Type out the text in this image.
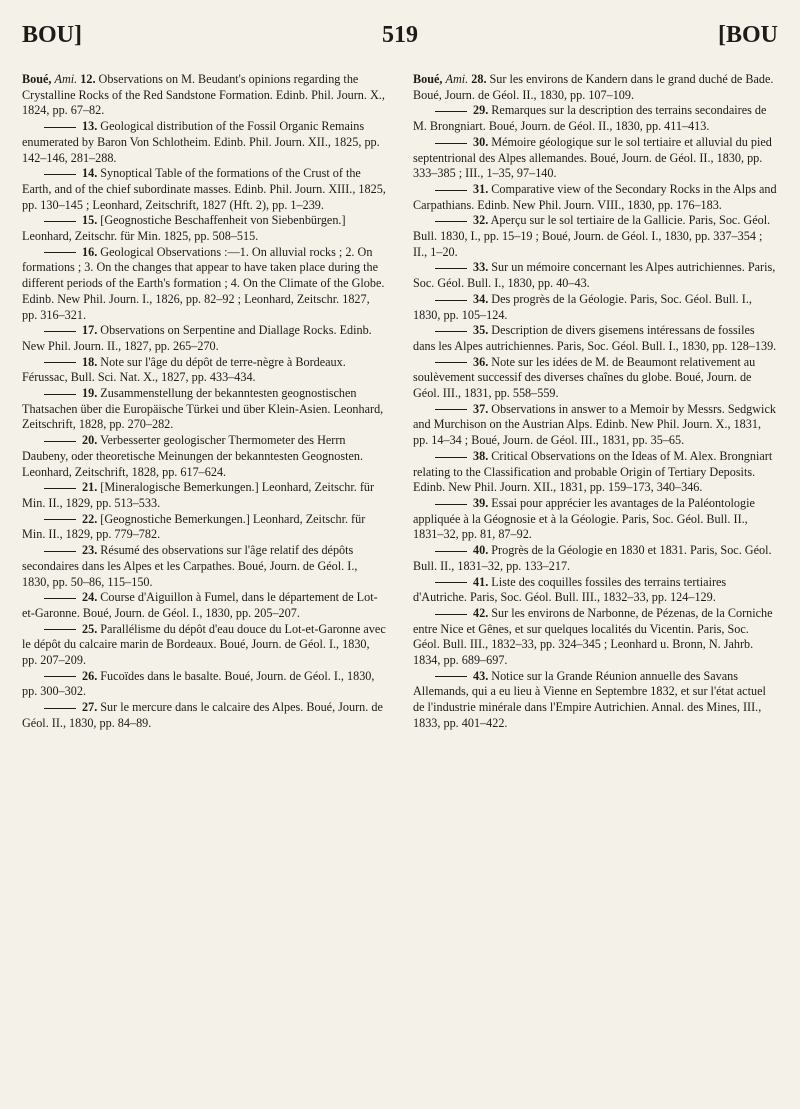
BOU]	519	[BOU

Boué, Ami. 12. Observations on M. Beudant's opinions regarding the Crystalline Rocks of the Red Sandstone Formation. Edinb. Phil. Journ. X., 1824, pp. 67–82.

13. Geological distribution of the Fossil Organic Remains enumerated by Baron Von Schlotheim. Edinb. Phil. Journ. XII., 1825, pp. 142–146, 281–288.

14. Synoptical Table of the formations of the Crust of the Earth, and of the chief subordinate masses. Edinb. Phil. Journ. XIII., 1825, pp. 130–145 ; Leonhard, Zeitschrift, 1827 (Hft. 2), pp. 1–239.

15. [Geognostiche Beschaffenheit von Siebenbürgen.] Leonhard, Zeitschr. für Min. 1825, pp. 508–515.

16. Geological Observations :—1. On alluvial rocks ; 2. On formations ; 3. On the changes that appear to have taken place during the different periods of the Earth's formation ; 4. On the Climate of the Globe. Edinb. New Phil. Journ. I., 1826, pp. 82–92 ; Leonhard, Zeitschr. 1827, pp. 316–321.

17. Observations on Serpentine and Diallage Rocks. Edinb. New Phil. Journ. II., 1827, pp. 265–270.

18. Note sur l'âge du dépôt de terre-nègre à Bordeaux. Férussac, Bull. Sci. Nat. X., 1827, pp. 433–434.

19. Zusammenstellung der bekanntesten geognostischen Thatsachen über die Europäische Türkei und über Klein-Asien. Leonhard, Zeitschrift, 1828, pp. 270–282.

20. Verbesserter geologischer Thermometer des Herrn Daubeny, oder theoretische Meinungen der bekanntesten Geognosten. Leonhard, Zeitschrift, 1828, pp. 617–624.

21. [Mineralogische Bemerkungen.] Leonhard, Zeitschr. für Min. II., 1829, pp. 513–533.

22. [Geognostiche Bemerkungen.] Leonhard, Zeitschr. für Min. II., 1829, pp. 779–782.

23. Résumé des observations sur l'âge relatif des dépôts secondaires dans les Alpes et les Carpathes. Boué, Journ. de Géol. I., 1830, pp. 50–86, 115–150.

24. Course d'Aiguillon à Fumel, dans le département de Lot-et-Garonne. Boué, Journ. de Géol. I., 1830, pp. 205–207.

25. Parallélisme du dépôt d'eau douce du Lot-et-Garonne avec le dépôt du calcaire marin de Bordeaux. Boué, Journ. de Géol. I., 1830, pp. 207–209.

26. Fucoïdes dans le basalte. Boué, Journ. de Géol. I., 1830, pp. 300–302.

27. Sur le mercure dans le calcaire des Alpes. Boué, Journ. de Géol. II., 1830, pp. 84–89.

Boué, Ami. 28. Sur les environs de Kandern dans le grand duché de Bade. Boué, Journ. de Géol. II., 1830, pp. 107–109.

29. Remarques sur la description des terrains secondaires de M. Brongniart. Boué, Journ. de Géol. II., 1830, pp. 411–413.

30. Mémoire géologique sur le sol tertiaire et alluvial du pied septentrional des Alpes allemandes. Boué, Journ. de Géol. II., 1830, pp. 333–385 ; III., 1–35, 97–140.

31. Comparative view of the Secondary Rocks in the Alps and Carpathians. Edinb. New Phil. Journ. VIII., 1830, pp. 176–183.

32. Aperçu sur le sol tertiaire de la Gallicie. Paris, Soc. Géol. Bull. 1830, I., pp. 15–19 ; Boué, Journ. de Géol. I., 1830, pp. 337–354 ; II., 1–20.

33. Sur un mémoire concernant les Alpes autrichiennes. Paris, Soc. Géol. Bull. I., 1830, pp. 40–43.

34. Des progrès de la Géologie. Paris, Soc. Géol. Bull. I., 1830, pp. 105–124.

35. Description de divers gisemens intéressans de fossiles dans les Alpes autrichiennes. Paris, Soc. Géol. Bull. I., 1830, pp. 128–139.

36. Note sur les idées de M. de Beaumont relativement au soulèvement successif des diverses chaînes du globe. Boué, Journ. de Géol. III., 1831, pp. 558–559.

37. Observations in answer to a Memoir by Messrs. Sedgwick and Murchison on the Austrian Alps. Edinb. New Phil. Journ. X., 1831, pp. 14–34 ; Boué, Journ. de Géol. III., 1831, pp. 35–65.

38. Critical Observations on the Ideas of M. Alex. Brongniart relating to the Classification and probable Origin of Tertiary Deposits. Edinb. New Phil. Journ. XII., 1831, pp. 159–173, 340–346.

39. Essai pour apprécier les avantages de la Paléontologie appliquée à la Géognosie et à la Géologie. Paris, Soc. Géol. Bull. II., 1831–32, pp. 81, 87–92.

40. Progrès de la Géologie en 1830 et 1831. Paris, Soc. Géol. Bull. II., 1831–32, pp. 133–217.

41. Liste des coquilles fossiles des terrains tertiaires d'Autriche. Paris, Soc. Géol. Bull. III., 1832–33, pp. 124–129.

42. Sur les environs de Narbonne, de Pézenas, de la Corniche entre Nice et Gênes, et sur quelques localités du Vicentin. Paris, Soc. Géol. Bull. III., 1832–33, pp. 324–345 ; Leonhard u. Bronn, N. Jahrb. 1834, pp. 689–697.

43. Notice sur la Grande Réunion annuelle des Savans Allemands, qui a eu lieu à Vienne en Septembre 1832, et sur l'état actuel de l'industrie minérale dans l'Empire Autrichien. Annal. des Mines, III., 1833, pp. 401–422.
